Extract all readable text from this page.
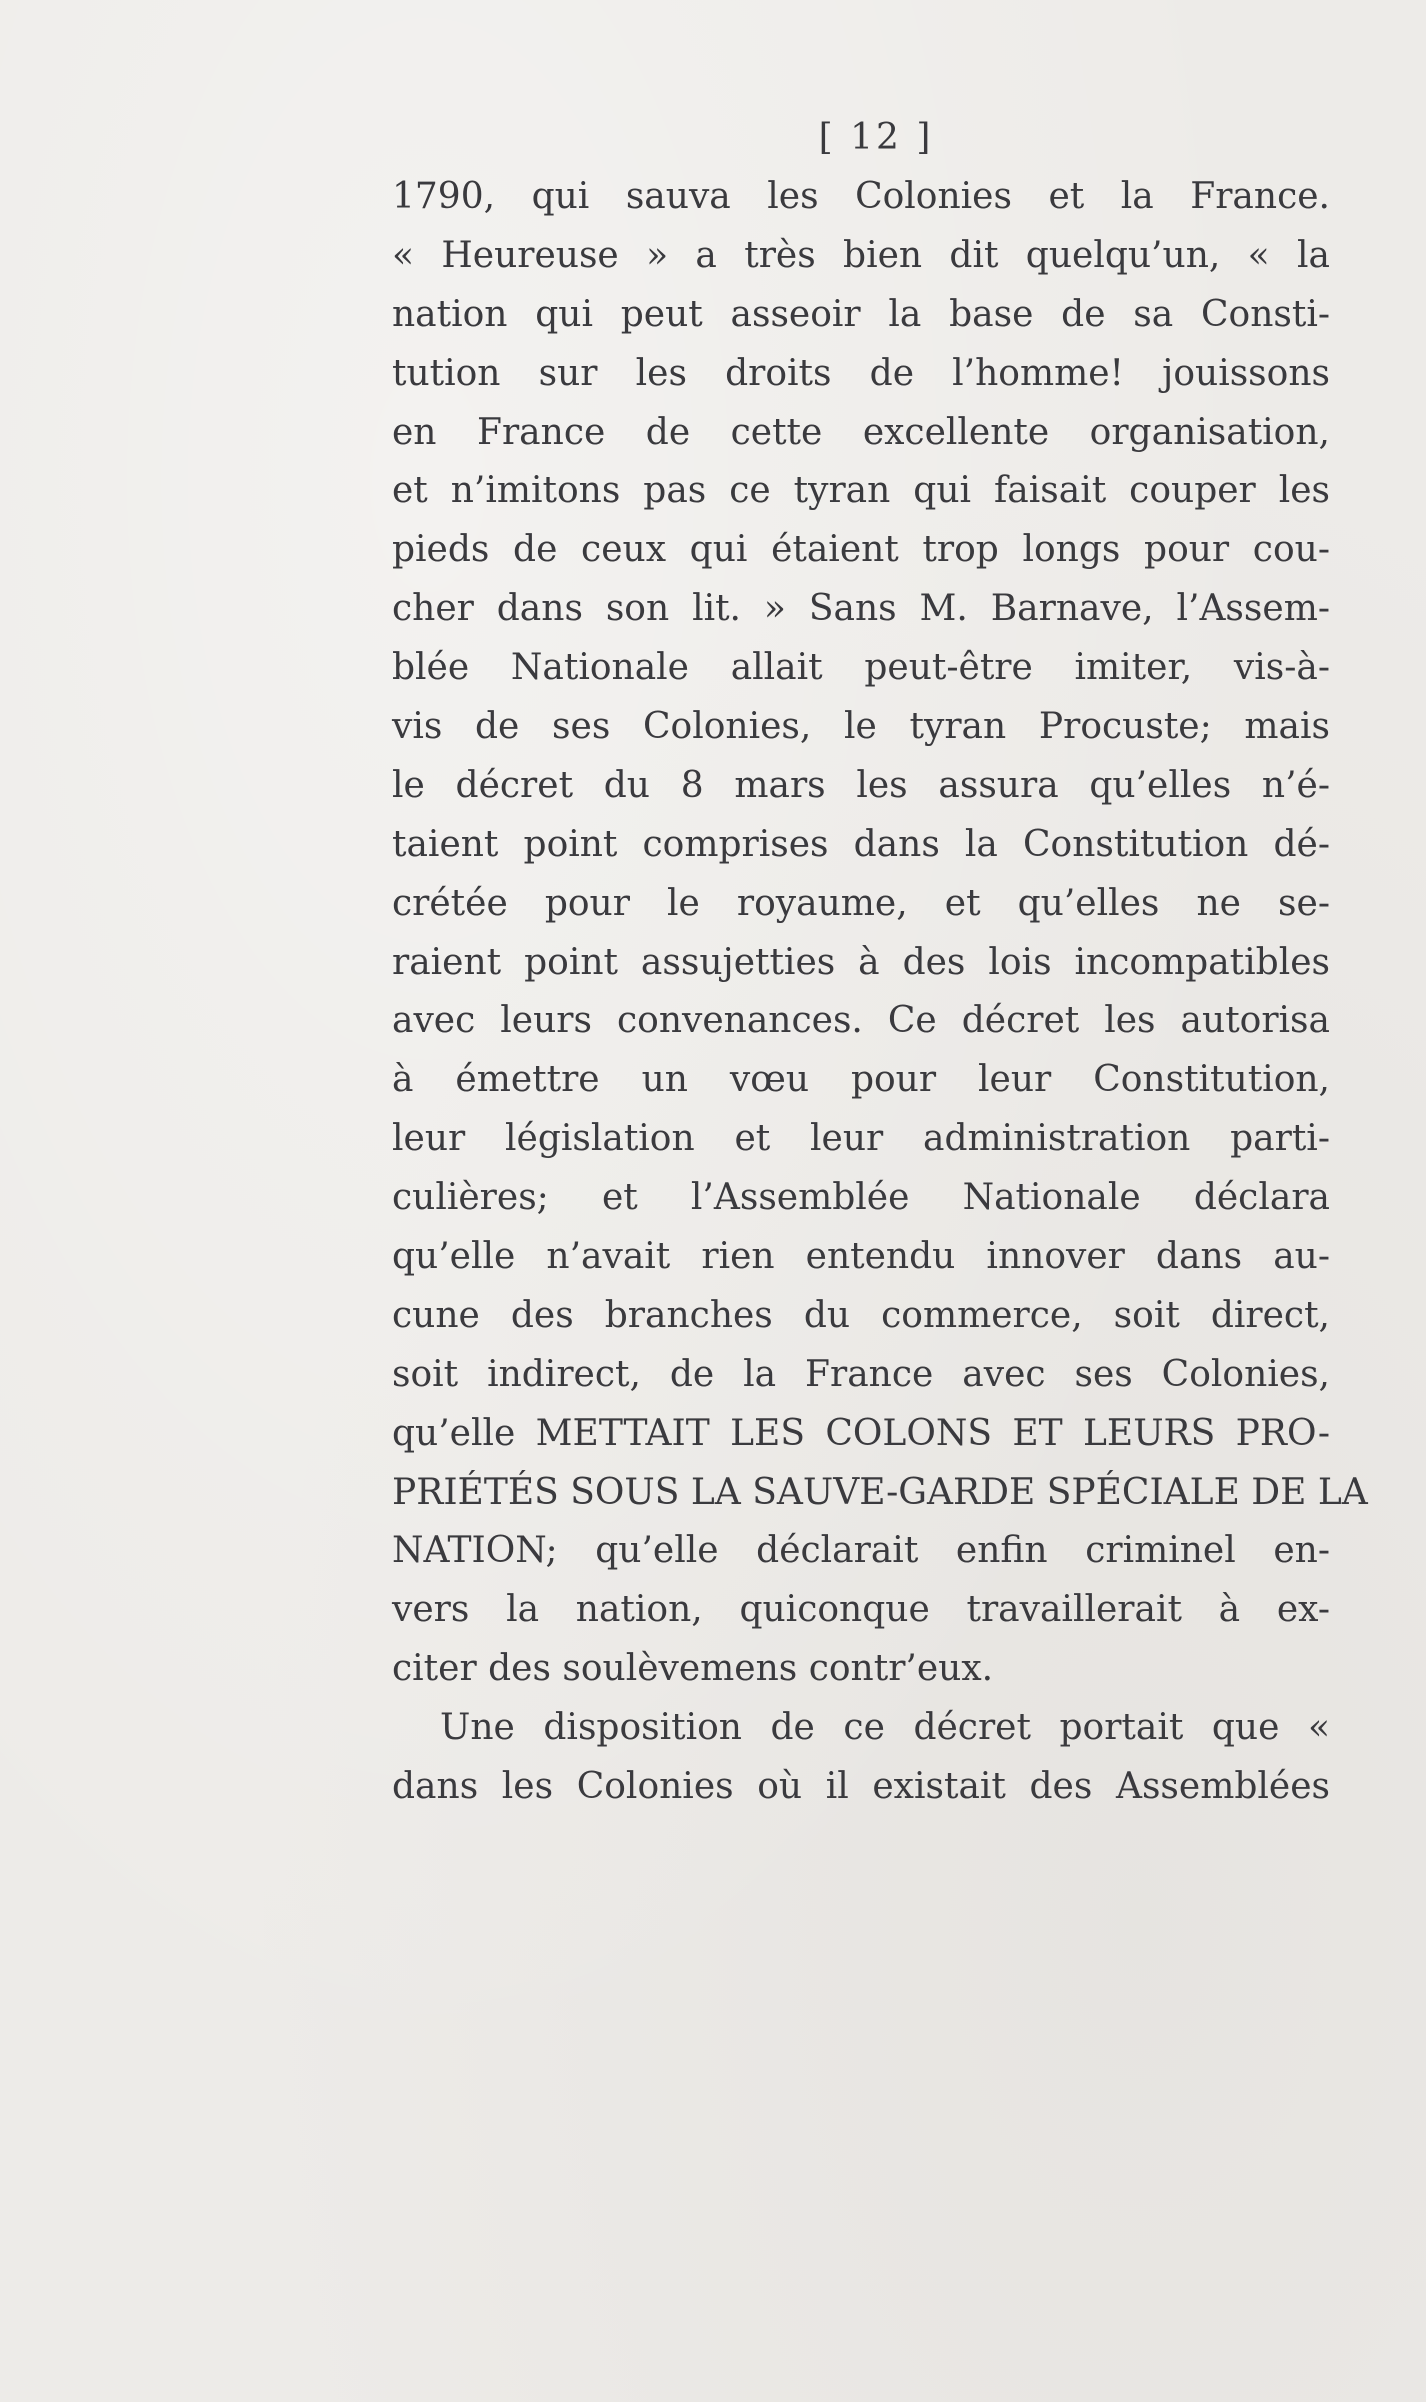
[ 12 ]
1790, qui sauva les Colonies et la France.
« Heureuse » a très bien dit quelqu’un, « la
nation qui peut asseoir la base de sa Consti-
tution sur les droits de l’homme! jouissons
en France de cette excellente organisation,
et n’imitons pas ce tyran qui faisait couper les
pieds de ceux qui étaient trop longs pour cou-
cher dans son lit. » Sans M. Barnave, l’Assem-
blée Nationale allait peut-être imiter, vis-à-
vis de ses Colonies, le tyran Procuste; mais
le décret du 8 mars les assura qu’elles n’é-
taient point comprises dans la Constitution dé-
crétée pour le royaume, et qu’elles ne se-
raient point assujetties à des lois incompatibles
avec leurs convenances. Ce décret les autorisa
à émettre un vœu pour leur Constitution,
leur législation et leur administration parti-
culières; et l’Assemblée Nationale déclara
qu’elle n’avait rien entendu innover dans au-
cune des branches du commerce, soit direct,
soit indirect, de la France avec ses Colonies,
qu’elle METTAIT LES COLONS ET LEURS PRO-
PRIÉTÉS SOUS LA SAUVE-GARDE SPÉCIALE DE LA
NATION; qu’elle déclarait enfin criminel en-
vers la nation, quiconque travaillerait à ex-
citer des soulèvemens contr’eux.
Une disposition de ce décret portait que «
dans les Colonies où il existait des Assemblées
